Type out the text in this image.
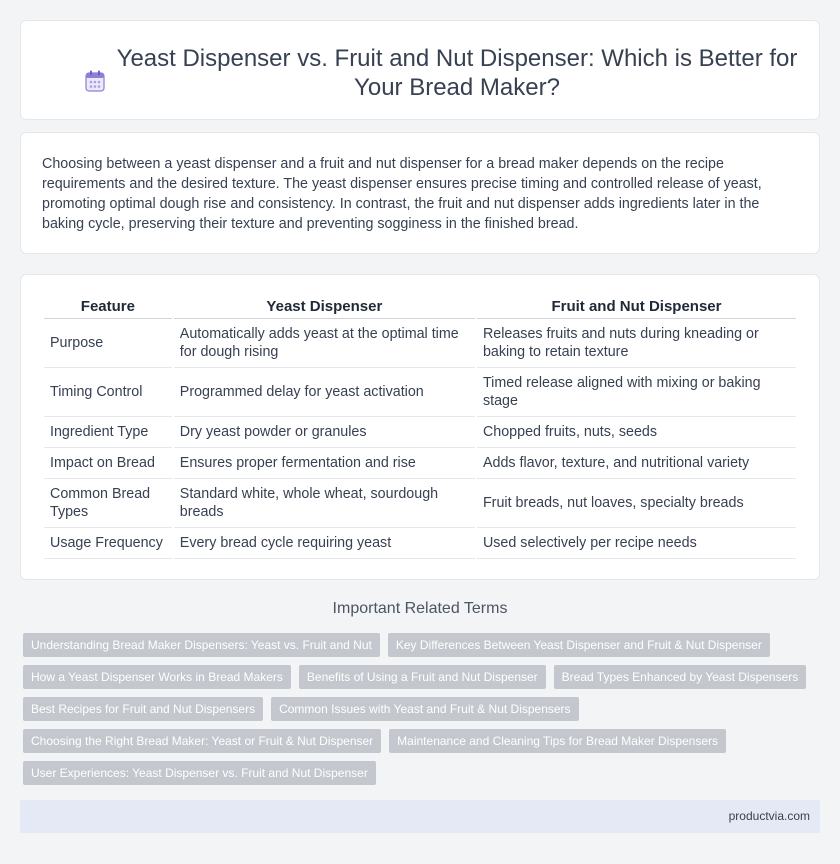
Yeast Dispenser vs. Fruit and Nut Dispenser: Which is Better for Your Bread Maker?

Choosing between a yeast dispenser and a fruit and nut dispenser for a bread maker depends on the recipe requirements and the desired texture. The yeast dispenser ensures precise timing and controlled release of yeast, promoting optimal dough rise and consistency. In contrast, the fruit and nut dispenser adds ingredients later in the baking cycle, preserving their texture and preventing sogginess in the finished bread.

Feature	Yeast Dispenser	Fruit and Nut Dispenser
Purpose	Automatically adds yeast at the optimal time for dough rising	Releases fruits and nuts during kneading or baking to retain texture
Timing Control	Programmed delay for yeast activation	Timed release aligned with mixing or baking stage
Ingredient Type	Dry yeast powder or granules	Chopped fruits, nuts, seeds
Impact on Bread	Ensures proper fermentation and rise	Adds flavor, texture, and nutritional variety
Common Bread Types	Standard white, whole wheat, sourdough breads	Fruit breads, nut loaves, specialty breads
Usage Frequency	Every bread cycle requiring yeast	Used selectively per recipe needs
Important Related Terms
Understanding Bread Maker Dispensers: Yeast vs. Fruit and Nut	Key Differences Between Yeast Dispenser and Fruit & Nut Dispenser
How a Yeast Dispenser Works in Bread Makers	Benefits of Using a Fruit and Nut Dispenser	Bread Types Enhanced by Yeast Dispensers
Best Recipes for Fruit and Nut Dispensers	Common Issues with Yeast and Fruit & Nut Dispensers
Choosing the Right Bread Maker: Yeast or Fruit & Nut Dispenser	Maintenance and Cleaning Tips for Bread Maker Dispensers
User Experiences: Yeast Dispenser vs. Fruit and Nut Dispenser
productvia.com
